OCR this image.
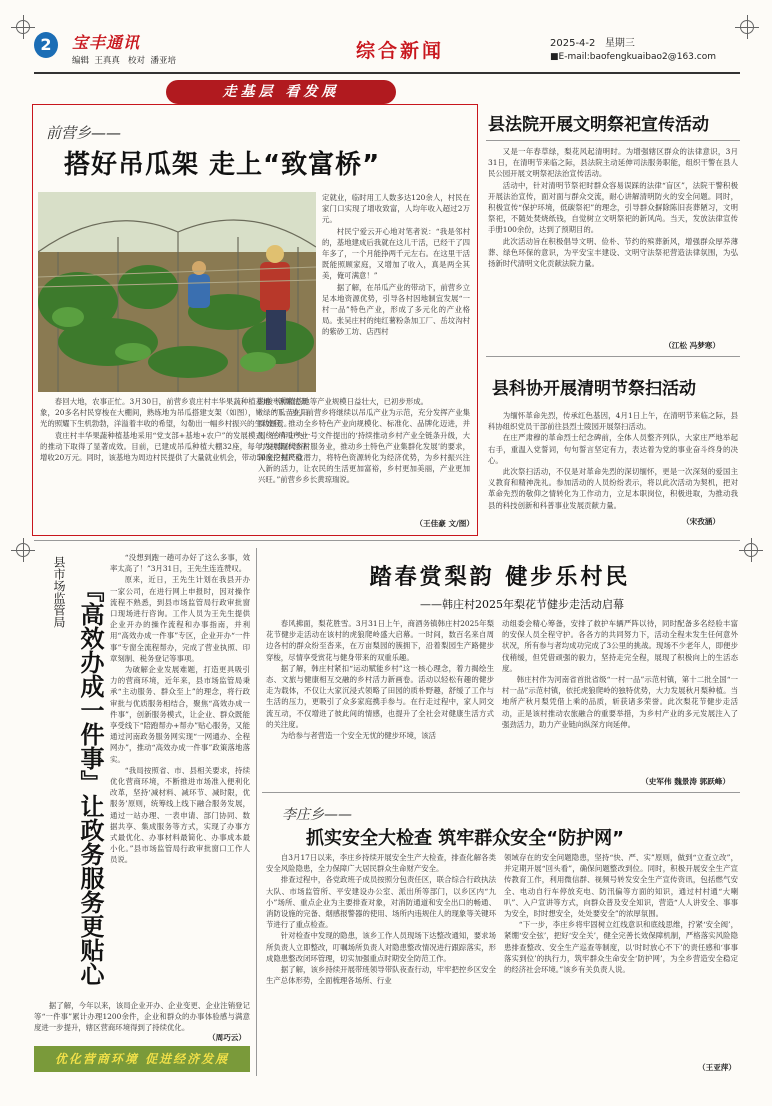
2	宝丰通讯
编辑 王真真 校对 潘亚培	综合新闻	2025-4-2 星期三
■E-mail:baofengkuaibao2@163.com
走基层 看发展
前营乡——
搭好吊瓜架 走上“致富桥”

春回大地，农事正忙。3月30日，前营乡袁庄村丰华果蔬种植基地一派繁忙景象，20多名村民穿梭在大棚间，熟练地为吊瓜搭建支架（如图），嫩绿的瓜苗在阳光的照耀下生机勃勃，洋溢着丰收的希望，勾勒出一幅乡村振兴的生动图景。

袁庄村丰华果蔬种植基地采用“党支部+基地+农户”的发展模式，在吊瓜产业的推动下取得了显著成效。目前，已建成吊瓜种植大棚32座，每年为村集体经济增收20万元。同时，该基地为周边村民提供了大量就业机会，带动50余户村民稳

定就业，临时用工人数多达120余人，村民在家门口实现了增收致富，人均年收入超过2万元。

村民宁爱云开心地对笔者说：“我是邻村的，基地建成后我就在这儿干活，已经干了四年多了，一个月能挣两千元左右。在这里干活既能照顾家庭，又增加了收入，真是两全其美，俺可满意！”

据了解，在吊瓜产业的带动下，前营乡立足本地资源优势，引导各村因地制宜发展“一村一品”特色产业，形成了多元化的产业格局。张吴庄村的纯红薯粉条加工厂、岳坟沟村的紫砂工坊、店西村

的酸枣种植基地等产业规模日益壮大，已初步形成。

“下一步，前营乡将继续以吊瓜产业为示范，充分发挥产业集群效应，推动全乡特色产业向规模化、标准化、品牌化迈进，并围绕今年中央一号文件提出的‘持续推动乡村产业全链条升级，大力发展现代乡村服务业，推动乡土特色产业集群化发展’的要求，深度挖掘产业潜力，将特色资源转化为经济优势，为乡村振兴注入新的活力，让农民的生活更加富裕，乡村更加美丽，产业更加兴旺。”前营乡乡长黄琼瑞说。

（王佳豪 文/图）
县法院开展文明祭祀宣传活动

又是一年春草绿，梨花风起清明时。为增强辖区群众的法律意识，3月31日，在清明节来临之际，县法院主动延伸司法服务职能，组织干警在县人民公园开展文明祭祀法治宣传活动。

活动中，针对清明节祭祀时群众容易误踩的法律“盲区”，法院干警积极开展法治宣传，面对面与群众交流，耐心讲解清明防火的安全问题。同时，积极宣传“保护环境，低碳祭祀”的理念，引导群众摒除陈旧丧葬陋习，文明祭祀，不随处焚烧纸钱，自觉树立文明祭祀的新风尚。当天，发放法律宣传手册100余份，达到了预期目的。

此次活动旨在积极倡导文明、俭朴、节约的殡葬新风，增强群众厚养薄葬、绿色环保的意识，为平安宝丰建设、文明守法祭祀营造法律氛围，为弘扬新时代清明文化贡献法院力量。

（江松 冯梦寒）
县科协开展清明节祭扫活动

为缅怀革命先烈，传承红色基因，4月1日上午，在清明节来临之际，县科协组织党员干部前往县烈士陵园开展祭扫活动。

在庄严肃穆的革命烈士纪念碑前，全体人员整齐列队，大家庄严地举起右手，重温入党誓词，句句誓言坚定有力，表达着为党的事业奋斗终身的决心。

此次祭扫活动，不仅是对革命先烈的深切缅怀，更是一次深刻的爱国主义教育和精神洗礼。参加活动的人员纷纷表示，将以此次活动为契机，把对革命先烈的敬仰之情转化为工作动力，立足本职岗位，积极进取，为推动我县的科技创新和科普事业发展贡献力量。

（宋孜涵）
县市场监管局 『高效办成一件事』让政务服务更贴心

“没想到跑一趟可办好了这么多事，效率太高了！”3月31日，王先生连连赞叹。

原来，近日，王先生计划在我县开办一家公司，在进行网上申报时，因对操作流程不熟悉，到县市场监管局行政审批窗口现场进行咨询。工作人员为王先生提供企业开办的操作流程和办事指南，并利用“高效办成一件事”专区，企业开办“一件事”专窗全流程帮办，完成了营业执照、印章刻制、税务登记等事项。

为破解企业发展难题，打造更具吸引力的营商环境，近年来，县市场监管局秉承“主动服务、群众至上”的理念，将行政审批与优质服务相结合，聚焦“高效办成一件事”，创新服务模式，让企业、群众既能享受线下“陪跑帮办+帮办”贴心服务，又能通过河南政务服务网实现“一网通办、全程网办”，推动“高效办成一件事”政策落地落实。

“我局按照省、市、县相关要求，持续优化营商环境，不断推进市场准入便利化改革，坚持‘减材料、减环节、减时限，优服务’原则，统筹线上线下融合服务发展，通过一站办理、一表申请、部门协同、数据共享、集成服务等方式，实现了办事方式最优化、办事材料最简化、办事成本最小化。”县市场监管局行政审批窗口工作人员说。

据了解，今年以来，该局企业开办、企业变更、企业注销登记等“一件事”累计办理1200余件，企业和群众的办事体验感与满意度进一步提升，辖区营商环境得到了持续优化。

（周巧云）
优化营商环境 促进经济发展
踏春赏梨韵 健步乐村民
——韩庄村2025年梨花节健步走活动启幕

春风拂面，梨花胜雪。3月31日上午，商酒务镇韩庄村2025年梨花节健步走活动在该村的虎狼爬岭盛大启幕。一时间，数百名来自周边各村的群众纷至沓来，在万亩梨园的簇拥下，沿着梨园生产路健步穿梭，尽情享受赏花与健身带来的双重乐趣。

据了解，韩庄村紧扣“运动赋能乡村”这一核心理念，着力揭绘生态、文旅与健康相互交融的乡村活力新画卷。活动以轻松有趣的健步走为载体，不仅让大家沉浸式领略了田园的质朴野趣，舒缓了工作与生活的压力，更吸引了众多家庭携手参与。在行走过程中，家人同交流互动，不仅增进了彼此间的情感，也提升了全社会对健康生活方式的关注度。

为给参与者营造一个安全无忧的健步环境，该活

动组委会精心筹备，安排了救护车辆严阵以待，同时配备多名经验丰富的安保人员全程守护。各各方的共同努力下，活动全程未发生任何意外状况，所有参与者均成功完成了3公里的挑战。现场不少老年人，即便步伐稍缓，但凭借顽强的毅力，坚持走完全程，展现了积极向上的生活态度。

韩庄村作为河南省首批省级“一村一品”示范村镇，第十二批全国“一村一品”示范村镇，依托虎狼爬岭的独特优势，大力发展秋月梨种植。当地所产秋月梨凭借上乘的品质，斩获诸多荣誉。此次梨花节健步走活动，正是该村推动农旅融合的重要举措，为乡村产业的多元发展注入了强劲活力，助力产业链向纵深方向延伸。

（史军伟 魏景涛 郭跃峰）
李庄乡——
抓实安全大检查 筑牢群众安全“防护网”

自3月17日以来，李庄乡持续开展安全生产大检查，排查化解各类安全风险隐患，全力保障广大居民群众生命财产安全。

排查过程中，各党政班子成员按照分包责任区，联合综合行政执法大队、市场监管所、平安建设办公室、派出所等部门，以乡区内“九小”场所、重点企业为主要排查对象，对消防通道和安全出口的畅通、消防设施的完备、烟感报警器的使用、场所内违规住人的现象等关键环节进行了重点检查。

针对检查中发现的隐患，该乡工作人员现场下达整改通知，要求场所负责人立即整改，叮嘱场所负责人对隐患整改情况进行跟踪落实，形成隐患整改闭环管理，切实加强重点时期安全防范工作。

据了解，该乡持续开展带班领导带队夜查行动，牢牢把控乡区安全生产总体形势，全面梳理各场所、行业

领域存在的安全问题隐患，坚持“快、严、实”原则，做到“立查立改”，并定期开展“回头看”，确保问题整改到位。同时，积极开展安全生产宣传教育工作，利用微信群、视频号转发安全生产宣传资讯，包括燃气安全、电动自行车停放充电、防汛偏等方面的知识，通过村村通“大喇叭”、入户宣讲等方式，向群众普及安全知识，营造“人人讲安全、事事为安全，时时想安全，处处要安全”的浓厚氛围。

“下一步，李庄乡将牢固树立红线意识和底线思维，拧紧‘安全阀’，紧绷‘安全弦’，把好‘安全关’，健全完善长效保障机制，严格落实风险隐患排查整改、安全生产巡查等制度，以‘时时放心不下’的责任感和‘事事落实到位’的执行力，筑牢群众生命安全‘防护网’，为全乡营造安全稳定的经济社会环境。”该乡有关负责人说。

（王亚萍）
